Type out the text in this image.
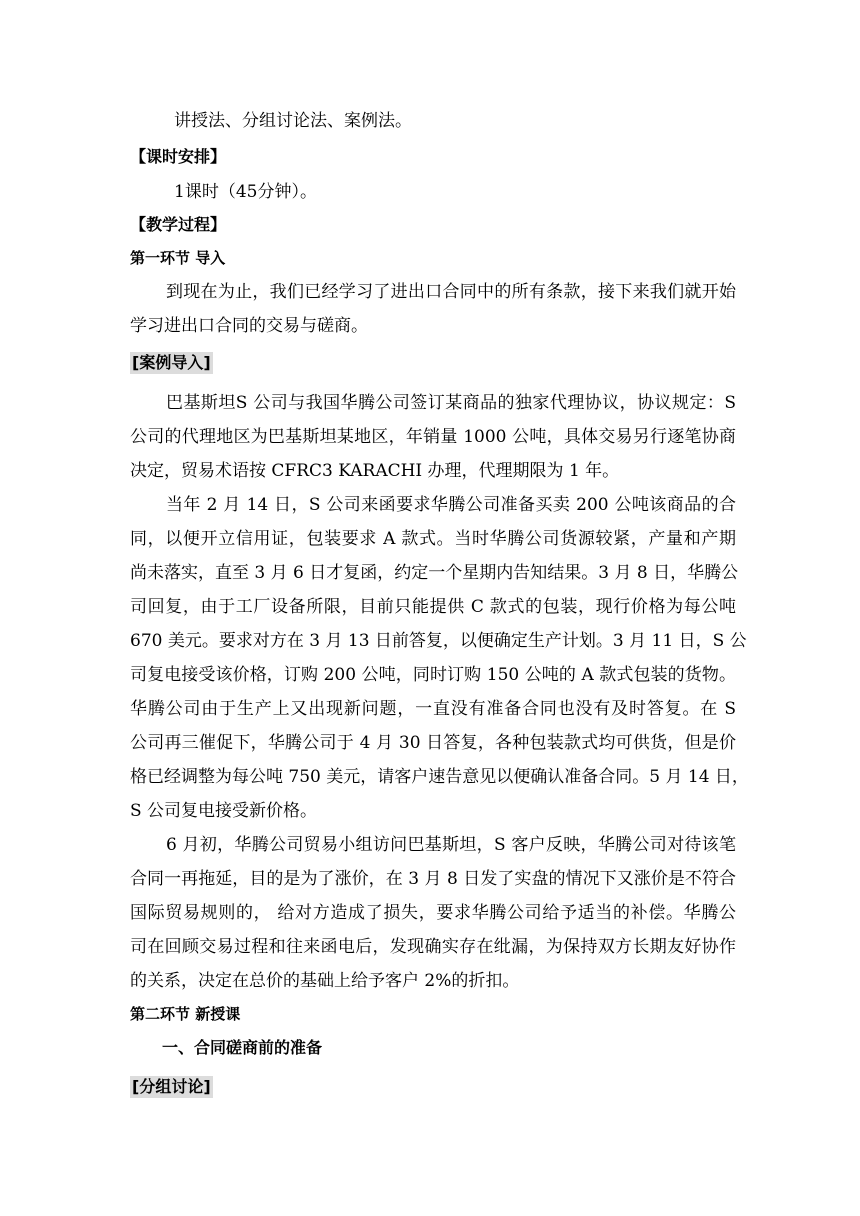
讲授法、分组讨论法、案例法。
【课时安排】
1课时（45分钟）。
【教学过程】
第一环节 导入
到现在为止，我们已经学习了进出口合同中的所有条款，接下来我们就开始
学习进出口合同的交易与磋商。
[案例导入]
巴基斯坦S 公司与我国华腾公司签订某商品的独家代理协议，协议规定：S
公司的代理地区为巴基斯坦某地区，年销量 1000 公吨，具体交易另行逐笔协商
决定，贸易术语按 CFRC3 KARACHI 办理，代理期限为 1 年。
当年 2 月 14 日，S 公司来函要求华腾公司准备买卖 200 公吨该商品的合
同，以便开立信用证，包装要求 A 款式。当时华腾公司货源较紧，产量和产期
尚未落实，直至 3 月 6 日才复函，约定一个星期内告知结果。3 月 8 日，华腾公
司回复，由于工厂设备所限，目前只能提供 C 款式的包装，现行价格为每公吨
670 美元。要求对方在 3 月 13 日前答复，以便确定生产计划。3 月 11 日，S 公
司复电接受该价格，订购 200 公吨，同时订购 150 公吨的 A 款式包装的货物。
华腾公司由于生产上又出现新问题，一直没有准备合同也没有及时答复。在 S
公司再三催促下，华腾公司于 4 月 30 日答复，各种包装款式均可供货，但是价
格已经调整为每公吨 750 美元，请客户速告意见以便确认准备合同。5 月 14 日，
S 公司复电接受新价格。
6 月初，华腾公司贸易小组访问巴基斯坦，S 客户反映，华腾公司对待该笔
合同一再拖延，目的是为了涨价，在 3 月 8 日发了实盘的情况下又涨价是不符合
国际贸易规则的， 给对方造成了损失，要求华腾公司给予适当的补偿。华腾公
司在回顾交易过程和往来函电后，发现确实存在纰漏，为保持双方长期友好协作
的关系，决定在总价的基础上给予客户 2%的折扣。
第二环节 新授课
一、合同磋商前的准备
[分组讨论]
